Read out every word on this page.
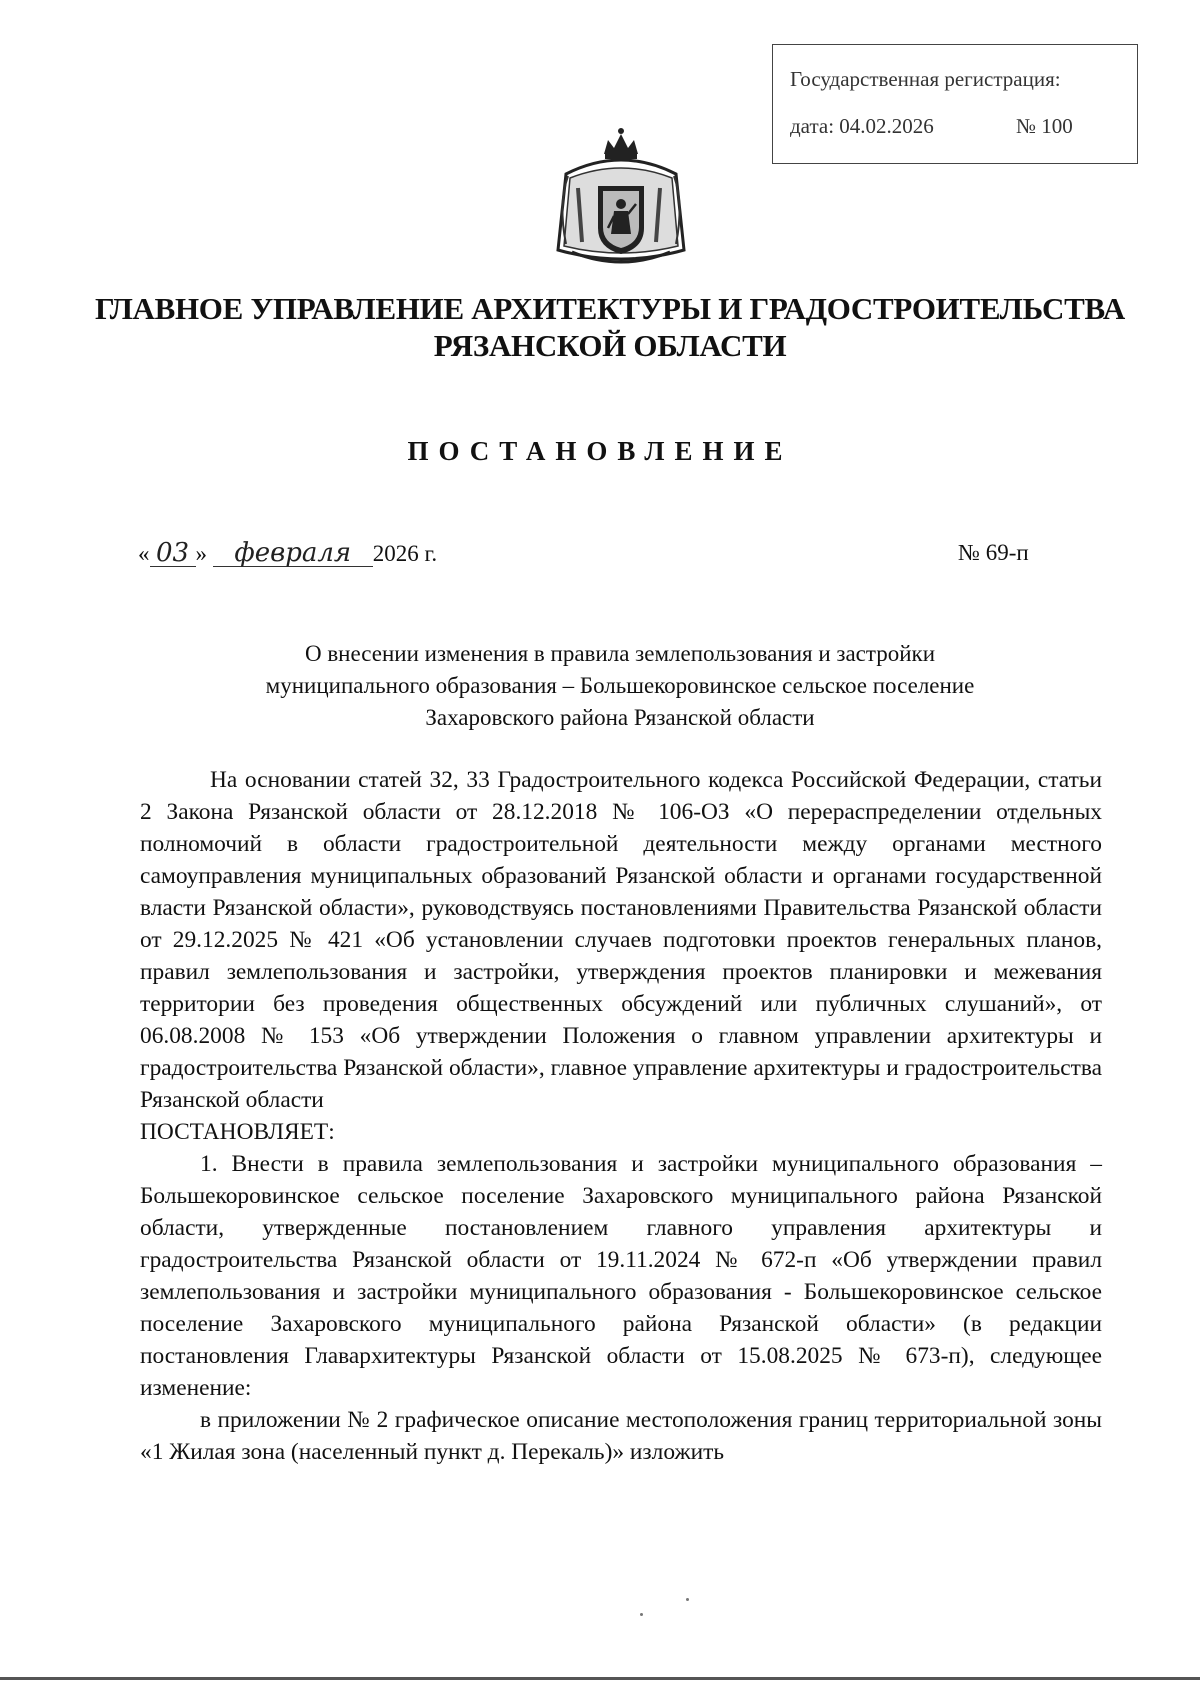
Государственная регистрация:
дата: 04.02.2026	№ 100
ГЛАВНОЕ УПРАВЛЕНИЕ АРХИТЕКТУРЫ И ГРАДОСТРОИТЕЛЬСТВА
РЯЗАНСКОЙ ОБЛАСТИ
ПОСТАНОВЛЕНИЕ
« 03 » февраля 2026 г.	№ 69-п
О внесении изменения в правила землепользования и застройки
муниципального образования – Большекоровинское сельское поселение
Захаровского района Рязанской области

На основании статей 32, 33 Градостроительного кодекса Российской Федерации, статьи 2 Закона Рязанской области от 28.12.2018 № 106-ОЗ «О перераспределении отдельных полномочий в области градостроительной деятельности между органами местного самоуправления муниципальных образований Рязанской области и органами государственной власти Рязанской области», руководствуясь постановлениями Правительства Рязанской области от 29.12.2025 № 421 «Об установлении случаев подготовки проектов генеральных планов, правил землепользования и застройки, утверждения проектов планировки и межевания территории без проведения общественных обсуждений или публичных слушаний», от 06.08.2008 № 153 «Об утверждении Положения о главном управлении архитектуры и градостроительства Рязанской области», главное управление архитектуры и градостроительства Рязанской области

ПОСТАНОВЛЯЕТ:

1. Внести в правила землепользования и застройки муниципального образования – Большекоровинское сельское поселение Захаровского муниципального района Рязанской области, утвержденные постановлением главного управления архитектуры и градостроительства Рязанской области от 19.11.2024 № 672-п «Об утверждении правил землепользования и застройки муниципального образования - Большекоровинское сельское поселение Захаровского муниципального района Рязанской области» (в редакции постановления Главархитектуры Рязанской области от 15.08.2025 № 673-п), следующее изменение:

в приложении № 2 графическое описание местоположения границ территориальной зоны «1 Жилая зона (населенный пункт д. Перекаль)» изложить
